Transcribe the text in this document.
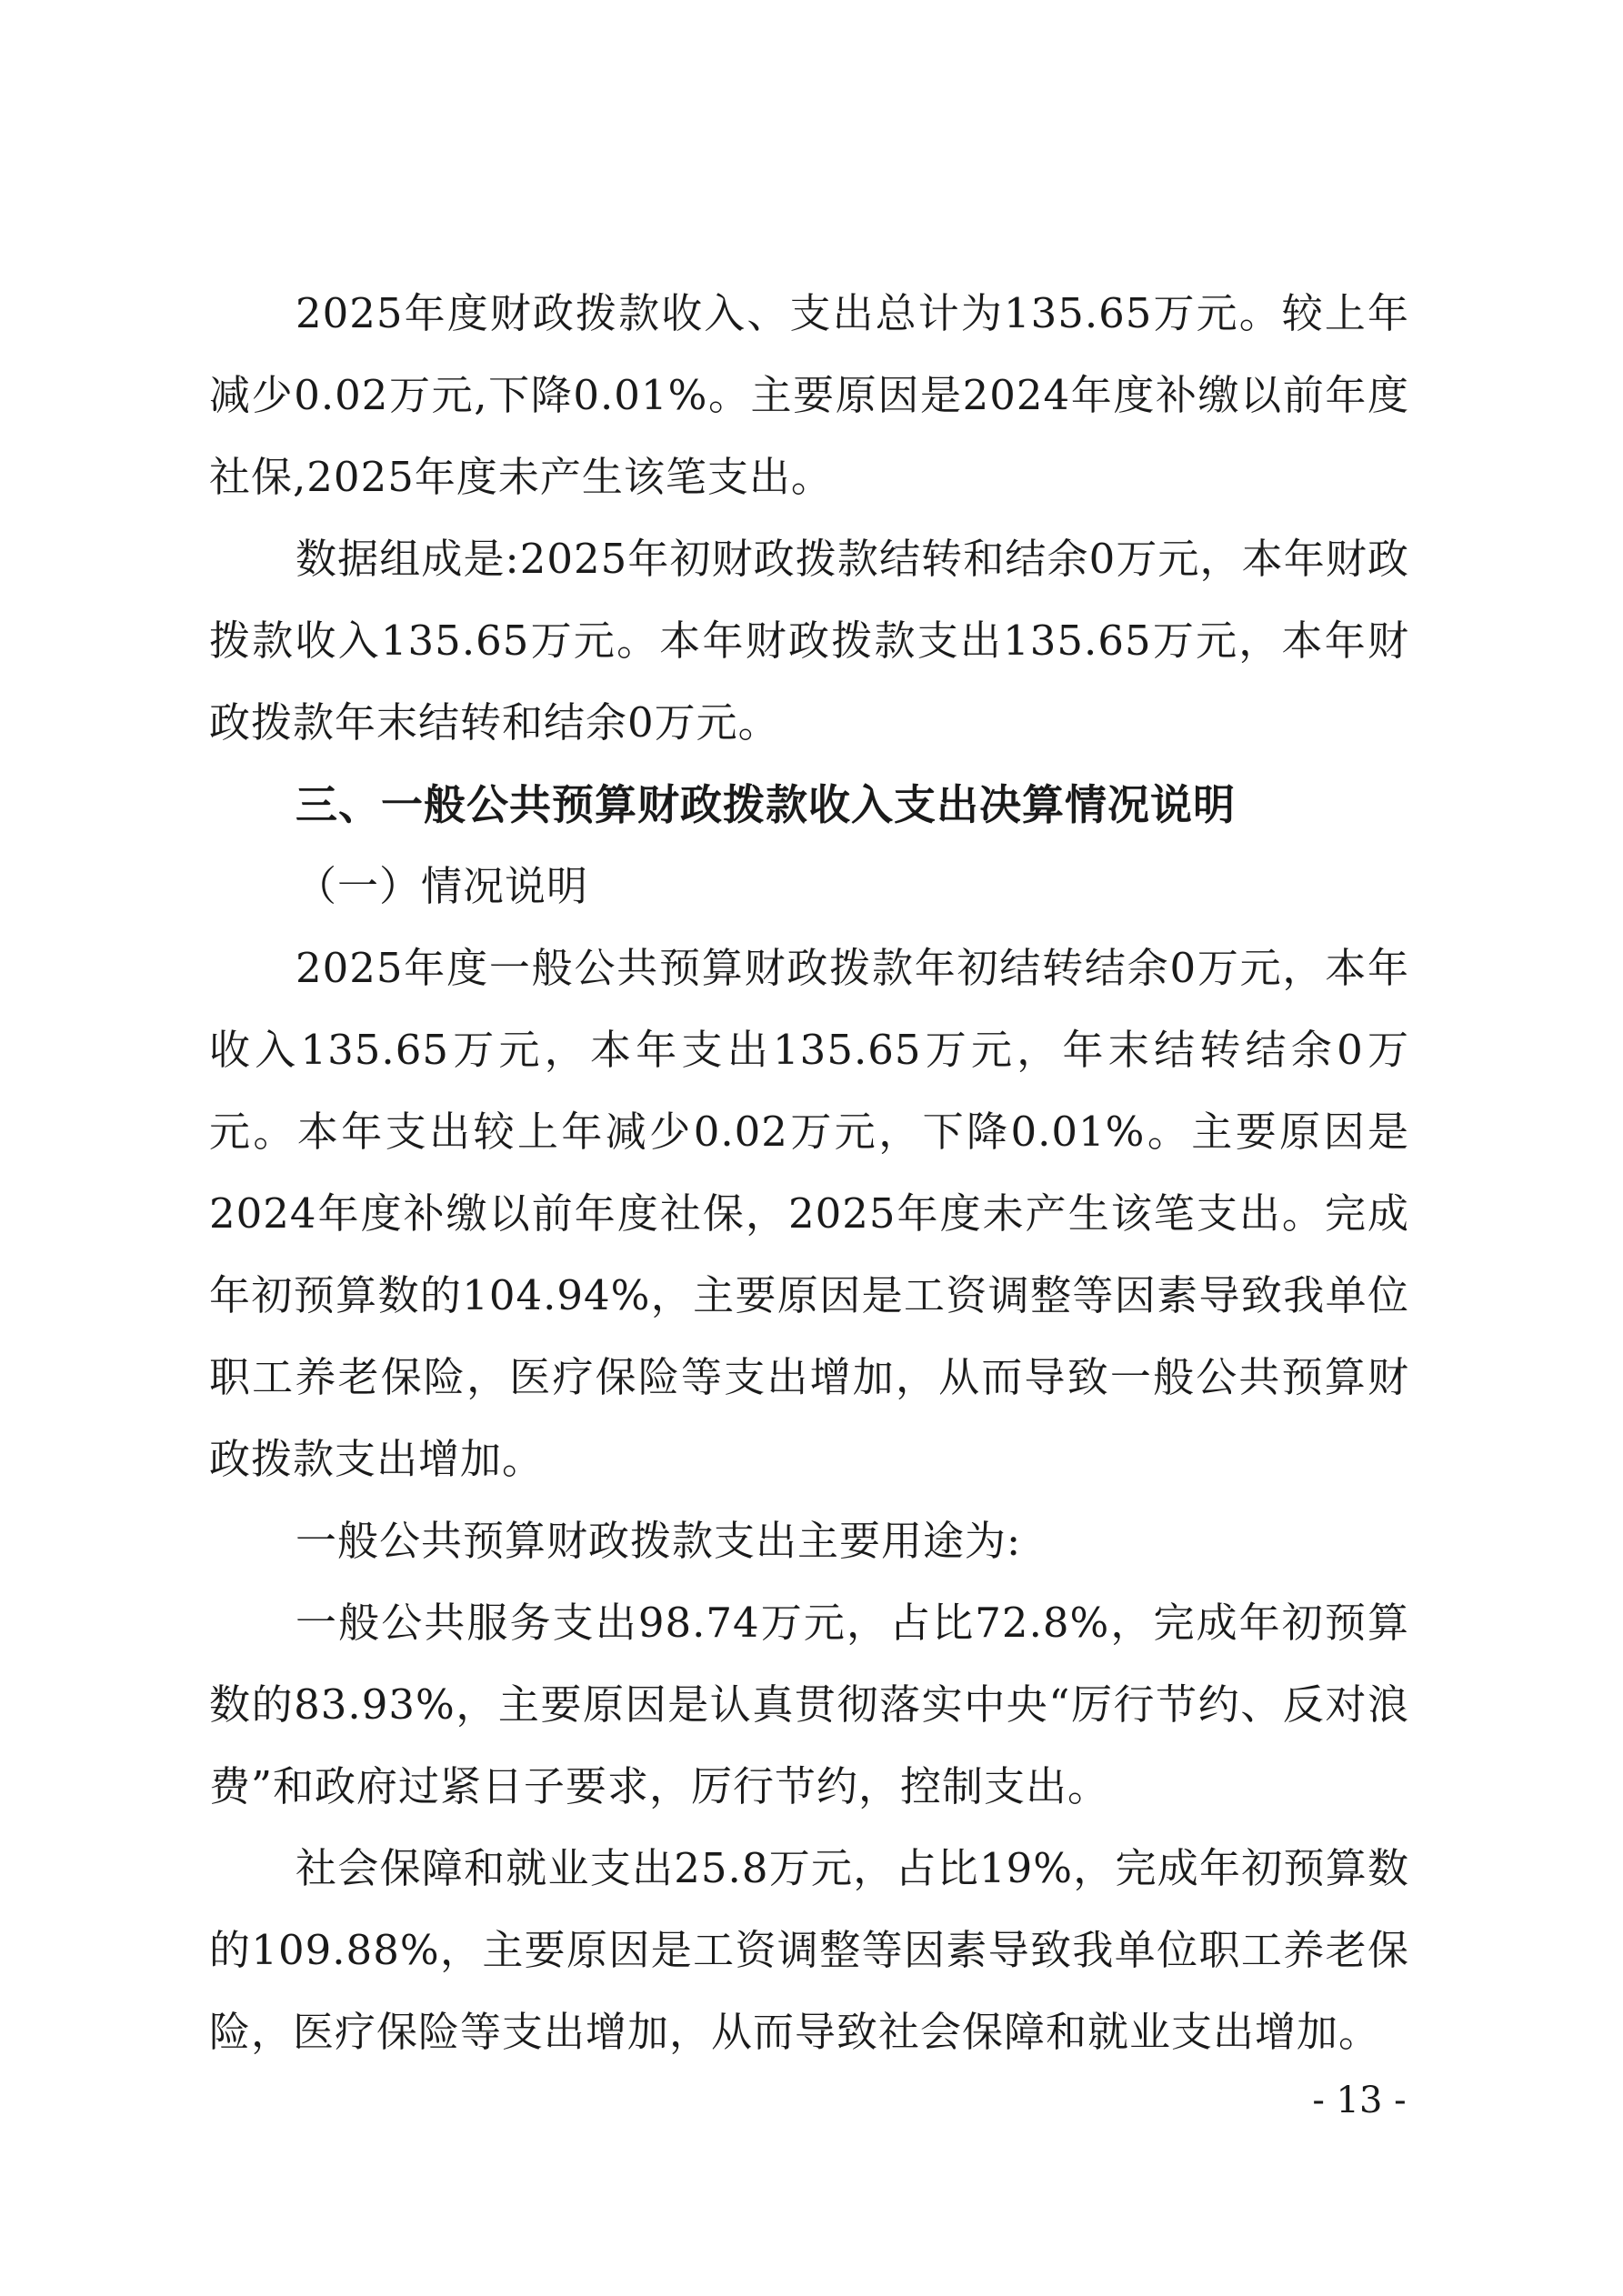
2025年度财政拨款收入、支出总计为135.65万元。较上年减少0.02万元,下降0.01%。主要原因是2024年度补缴以前年度社保,2025年度未产生该笔支出。

数据组成是:2025年初财政拨款结转和结余0万元，本年财政拨款收入135.65万元。本年财政拨款支出135.65万元，本年财政拨款年末结转和结余0万元。

三、一般公共预算财政拨款收入支出决算情况说明

（一）情况说明

2025年度一般公共预算财政拨款年初结转结余0万元，本年收入135.65万元，本年支出135.65万元，年末结转结余0万元。本年支出较上年减少0.02万元，下降0.01%。主要原因是2024年度补缴以前年度社保，2025年度未产生该笔支出。完成年初预算数的104.94%，主要原因是工资调整等因素导致我单位职工养老保险，医疗保险等支出增加，从而导致一般公共预算财政拨款支出增加。

一般公共预算财政拨款支出主要用途为:

一般公共服务支出98.74万元，占比72.8%，完成年初预算数的83.93%，主要原因是认真贯彻落实中央“厉行节约、反对浪费”和政府过紧日子要求，厉行节约，控制支出。

社会保障和就业支出25.8万元，占比19%，完成年初预算数的109.88%，主要原因是工资调整等因素导致我单位职工养老保险，医疗保险等支出增加，从而导致社会保障和就业支出增加。

- 13 -
